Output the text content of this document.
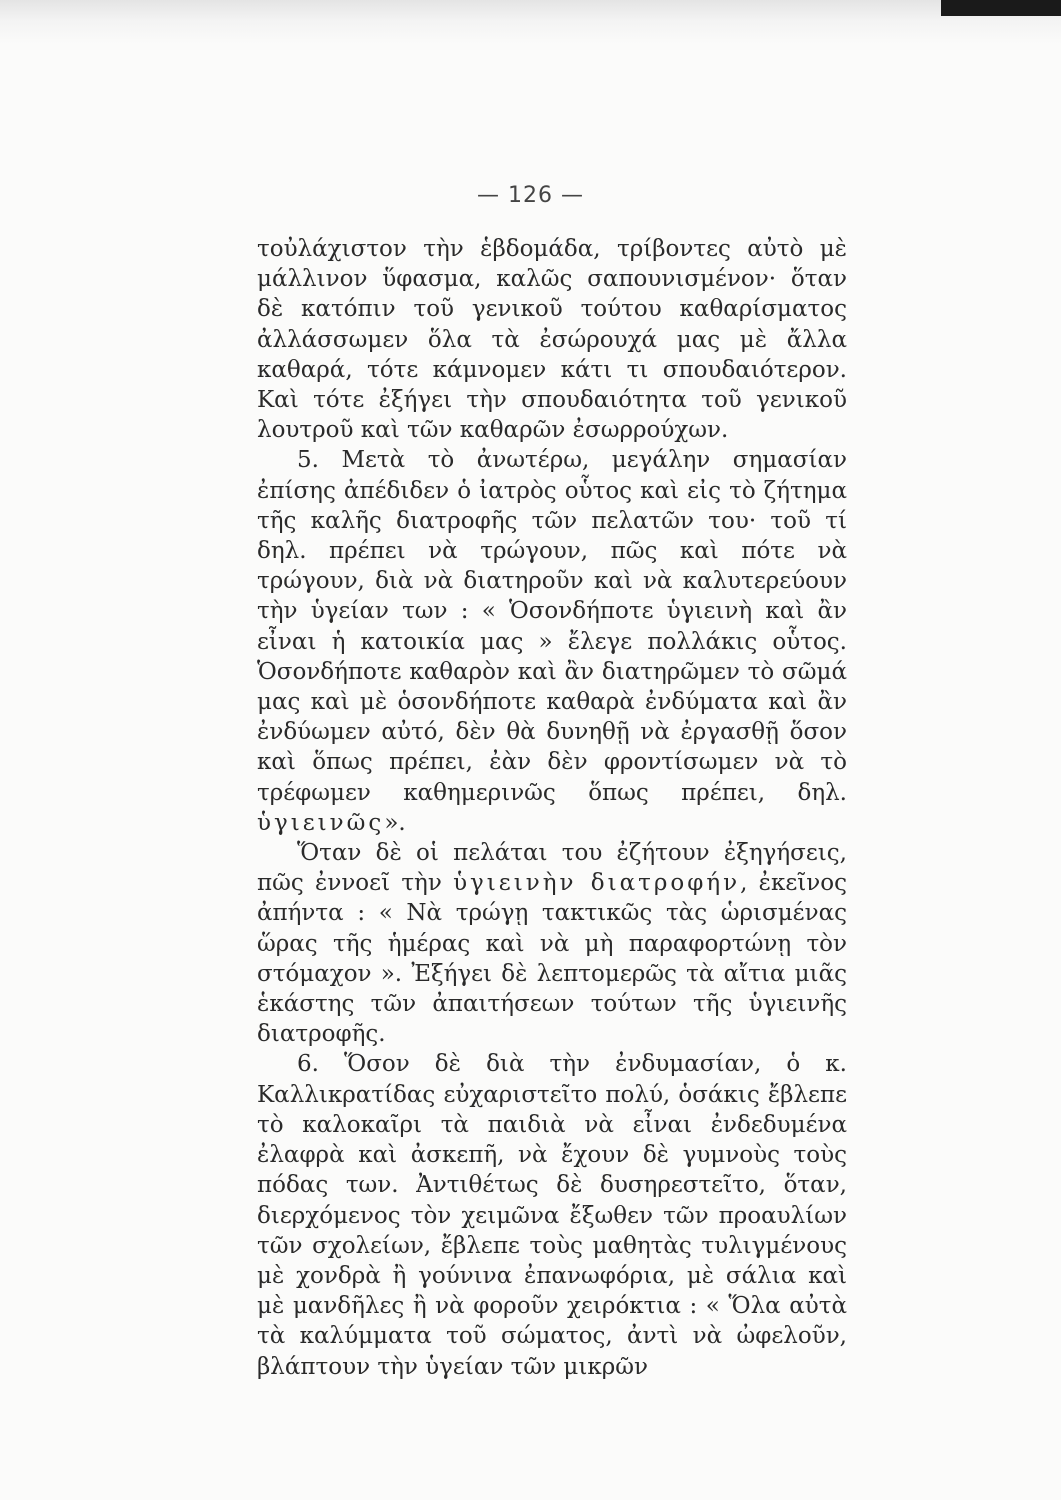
— 126 —

τοὐλάχιστον τὴν ἑβδομάδα, τρίβοντες αὐτὸ μὲ μάλλινον ὕφασμα, καλῶς σαπουνισμένον· ὅταν δὲ κατόπιν τοῦ γενικοῦ τούτου καθαρίσματος ἀλλάσσωμεν ὅλα τὰ ἐσώρουχά μας μὲ ἄλλα καθαρά, τότε κάμνομεν κάτι τι σπουδαιότερον. Καὶ τότε ἐξήγει τὴν σπουδαιότητα τοῦ γενικοῦ λουτροῦ καὶ τῶν καθαρῶν ἐσωρρούχων.

5. Μετὰ τὸ ἀνωτέρω, μεγάλην σημασίαν ἐπίσης ἀπέδιδεν ὁ ἰατρὸς οὗτος καὶ εἰς τὸ ζήτημα τῆς καλῆς διατροφῆς τῶν πελατῶν του· τοῦ τί δηλ. πρέπει νὰ τρώγουν, πῶς καὶ πότε νὰ τρώγουν, διὰ νὰ διατηροῦν καὶ νὰ καλυτερεύουν τὴν ὑγείαν των : « Ὁσονδήποτε ὑγιεινὴ καὶ ἂν εἶναι ἡ κατοικία μας » ἔλεγε πολλάκις οὗτος. Ὁσονδήποτε καθαρὸν καὶ ἂν διατηρῶμεν τὸ σῶμά μας καὶ μὲ ὁσονδήποτε καθαρὰ ἐνδύματα καὶ ἂν ἐνδύωμεν αὐτό, δὲν θὰ δυνηθῇ νὰ ἐργασθῇ ὅσον καὶ ὅπως πρέπει, ἐὰν δὲν φροντίσωμεν νὰ τὸ τρέφωμεν καθημερινῶς ὅπως πρέπει, δηλ. ὑγιεινῶς».

Ὅταν δὲ οἱ πελάται του ἐζήτουν ἐξηγήσεις, πῶς ἐννοεῖ τὴν ὑγιεινὴν διατροφήν, ἐκεῖνος ἀπήντα : « Νὰ τρώγῃ τακτικῶς τὰς ὡρισμένας ὥρας τῆς ἡμέρας καὶ νὰ μὴ παραφορτώνῃ τὸν στόμαχον ». Ἐξήγει δὲ λεπτομερῶς τὰ αἴτια μιᾶς ἑκάστης τῶν ἀπαιτήσεων τούτων τῆς ὑγιεινῆς διατροφῆς.

6. Ὅσον δὲ διὰ τὴν ἐνδυμασίαν, ὁ κ. Καλλικρατίδας εὐχαριστεῖτο πολύ, ὁσάκις ἔβλεπε τὸ καλοκαῖρι τὰ παιδιὰ νὰ εἶναι ἐνδεδυμένα ἐλαφρὰ καὶ ἀσκεπῆ, νὰ ἔχουν δὲ γυμνοὺς τοὺς πόδας των. Ἀντιθέτως δὲ δυσηρεστεῖτο, ὅταν, διερχόμενος τὸν χειμῶνα ἔξωθεν τῶν προαυλίων τῶν σχολείων, ἔβλεπε τοὺς μαθητὰς τυλιγμένους μὲ χονδρὰ ἢ γούνινα ἐπανωφόρια, μὲ σάλια καὶ μὲ μανδῆλες ἢ νὰ φοροῦν χειρόκτια : « Ὅλα αὐτὰ τὰ καλύμματα τοῦ σώματος, ἀντὶ νὰ ὠφελοῦν, βλάπτουν τὴν ὑγείαν τῶν μικρῶν
